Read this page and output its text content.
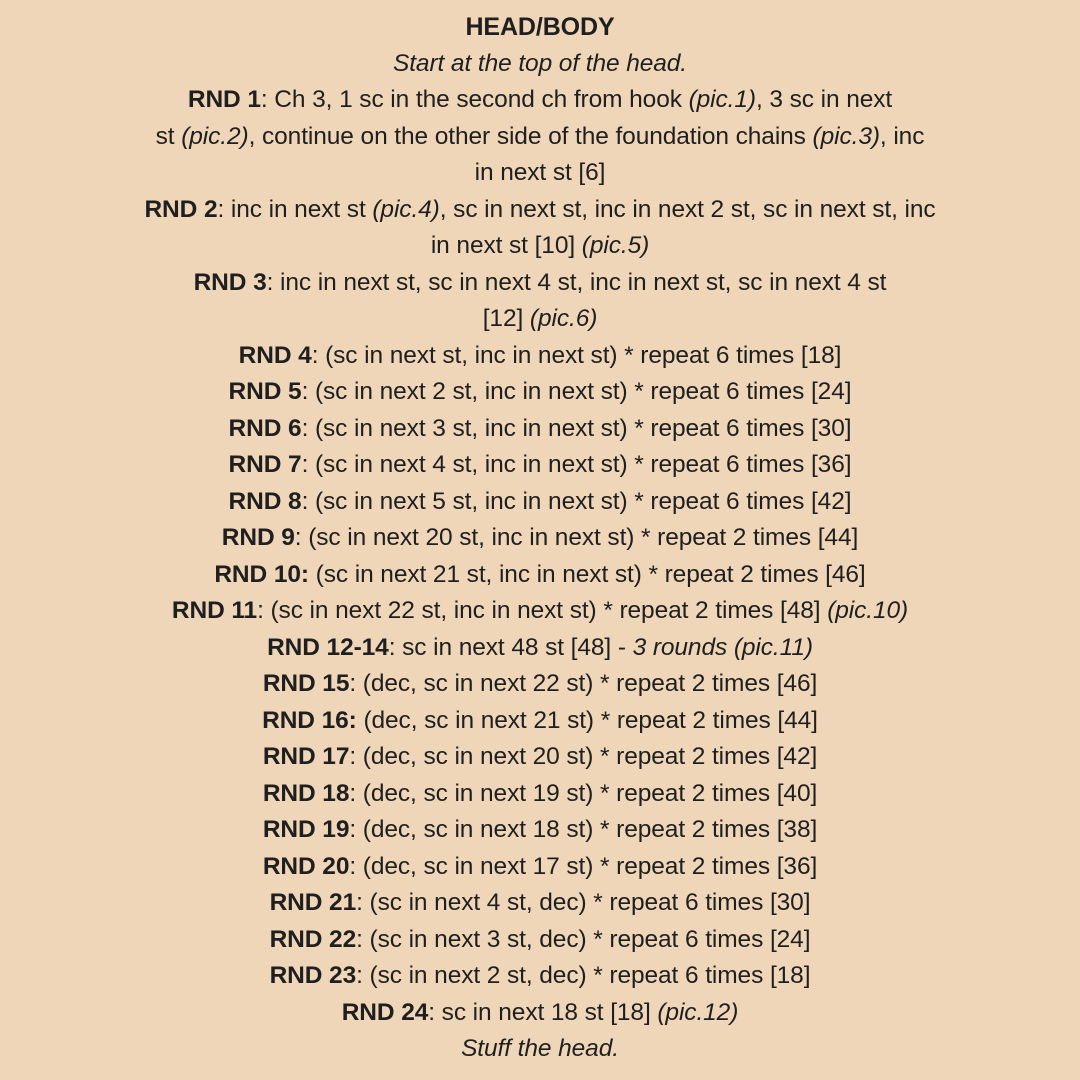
HEAD/BODY
Start at the top of the head.
RND 1: Ch 3, 1 sc in the second ch from hook (pic.1), 3 sc in next
st (pic.2), continue on the other side of the foundation chains (pic.3), inc
in next st [6]
RND 2: inc in next st (pic.4), sc in next st, inc in next 2 st, sc in next st, inc
in next st [10] (pic.5)
RND 3: inc in next st, sc in next 4 st, inc in next st, sc in next 4 st
[12] (pic.6)
RND 4: (sc in next st, inc in next st) * repeat 6 times [18]
RND 5: (sc in next 2 st, inc in next st) * repeat 6 times [24]
RND 6: (sc in next 3 st, inc in next st) * repeat 6 times [30]
RND 7: (sc in next 4 st, inc in next st) * repeat 6 times [36]
RND 8: (sc in next 5 st, inc in next st) * repeat 6 times [42]
RND 9: (sc in next 20 st, inc in next st) * repeat 2 times [44]
RND 10: (sc in next 21 st, inc in next st) * repeat 2 times [46]
RND 11: (sc in next 22 st, inc in next st) * repeat 2 times [48] (pic.10)
RND 12-14: sc in next 48 st [48] - 3 rounds (pic.11)
RND 15: (dec, sc in next 22 st) * repeat 2 times [46]
RND 16: (dec, sc in next 21 st) * repeat 2 times [44]
RND 17: (dec, sc in next 20 st) * repeat 2 times [42]
RND 18: (dec, sc in next 19 st) * repeat 2 times [40]
RND 19: (dec, sc in next 18 st) * repeat 2 times [38]
RND 20: (dec, sc in next 17 st) * repeat 2 times [36]
RND 21: (sc in next 4 st, dec) * repeat 6 times [30]
RND 22: (sc in next 3 st, dec) * repeat 6 times [24]
RND 23: (sc in next 2 st, dec) * repeat 6 times [18]
RND 24: sc in next 18 st [18] (pic.12)
Stuff the head.
